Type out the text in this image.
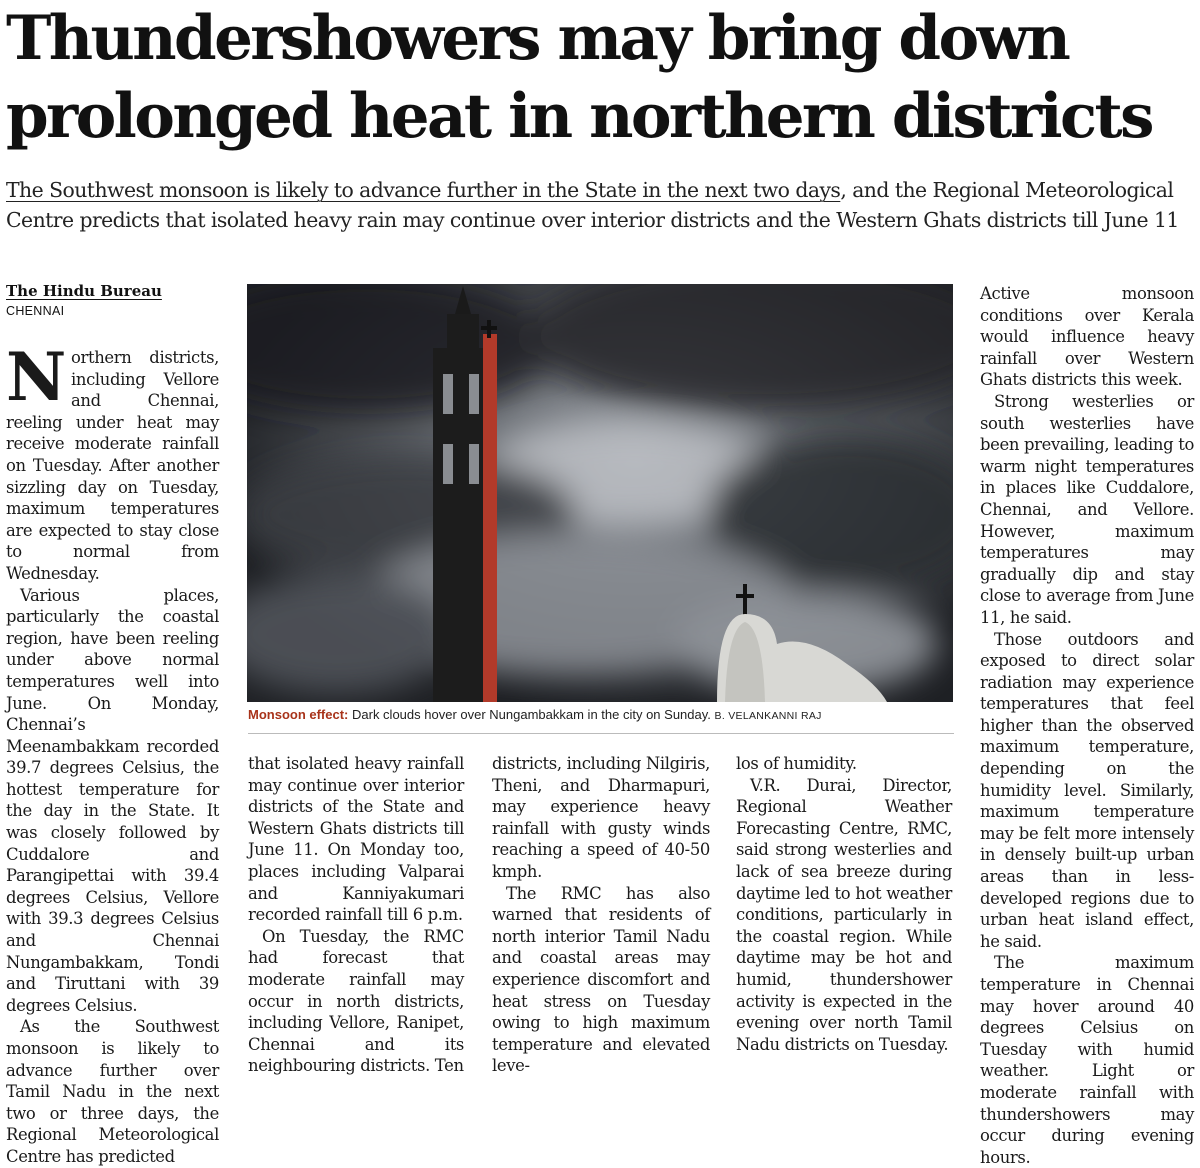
Thundershowers may bring down prolonged heat in northern districts

The Southwest monsoon is likely to advance further in the State in the next two days, and the Regional Meteorological Centre predicts that isolated heavy rain may continue over interior districts and the Western Ghats districts till June 11

The Hindu Bureau
CHENNAI

Northern districts, including Vellore and Chennai, reeling under heat may receive moderate rainfall on Tuesday. After another sizzling day on Tuesday, maximum temperatures are expected to stay close to normal from Wednesday.

Various places, particularly the coastal region, have been reeling under above normal temperatures well into June. On Monday, Chennai’s Meenambakkam recorded 39.7 degrees Celsius, the hottest temperature for the day in the State. It was closely followed by Cuddalore and Parangipettai with 39.4 degrees Celsius, Vellore with 39.3 degrees Celsius and Chennai Nungambakkam, Tondi and Tiruttani with 39 degrees Celsius.

As the Southwest monsoon is likely to advance further over Tamil Nadu in the next two or three days, the Regional Meteorological Centre has predicted

Monsoon effect: Dark clouds hover over Nungambakkam in the city on Sunday. B. VELANKANNI RAJ

that isolated heavy rainfall may continue over interior districts of the State and Western Ghats districts till June 11. On Monday too, places including Valparai and Kanniyakumari recorded rainfall till 6 p.m.

On Tuesday, the RMC had forecast that moderate rainfall may occur in north districts, including Vellore, Ranipet, Chennai and its neighbouring districts. Ten

districts, including Nilgiris, Theni, and Dharmapuri, may experience heavy rainfall with gusty winds reaching a speed of 40-50 kmph.

The RMC has also warned that residents of north interior Tamil Nadu and coastal areas may experience discomfort and heat stress on Tuesday owing to high maximum temperature and elevated leve-

los of humidity.

V.R. Durai, Director, Regional Weather Forecasting Centre, RMC, said strong westerlies and lack of sea breeze during daytime led to hot weather conditions, particularly in the coastal region. While daytime may be hot and humid, thundershower activity is expected in the evening over north Tamil Nadu districts on Tuesday.

Active monsoon conditions over Kerala would influence heavy rainfall over Western Ghats districts this week.

Strong westerlies or south westerlies have been prevailing, leading to warm night temperatures in places like Cuddalore, Chennai, and Vellore. However, maximum temperatures may gradually dip and stay close to average from June 11, he said.

Those outdoors and exposed to direct solar radiation may experience temperatures that feel higher than the observed maximum temperature, depending on the humidity level. Similarly, maximum temperature may be felt more intensely in densely built-up urban areas than in less-developed regions due to urban heat island effect, he said.

The maximum temperature in Chennai may hover around 40 degrees Celsius on Tuesday with humid weather. Light or moderate rainfall with thundershowers may occur during evening hours.
